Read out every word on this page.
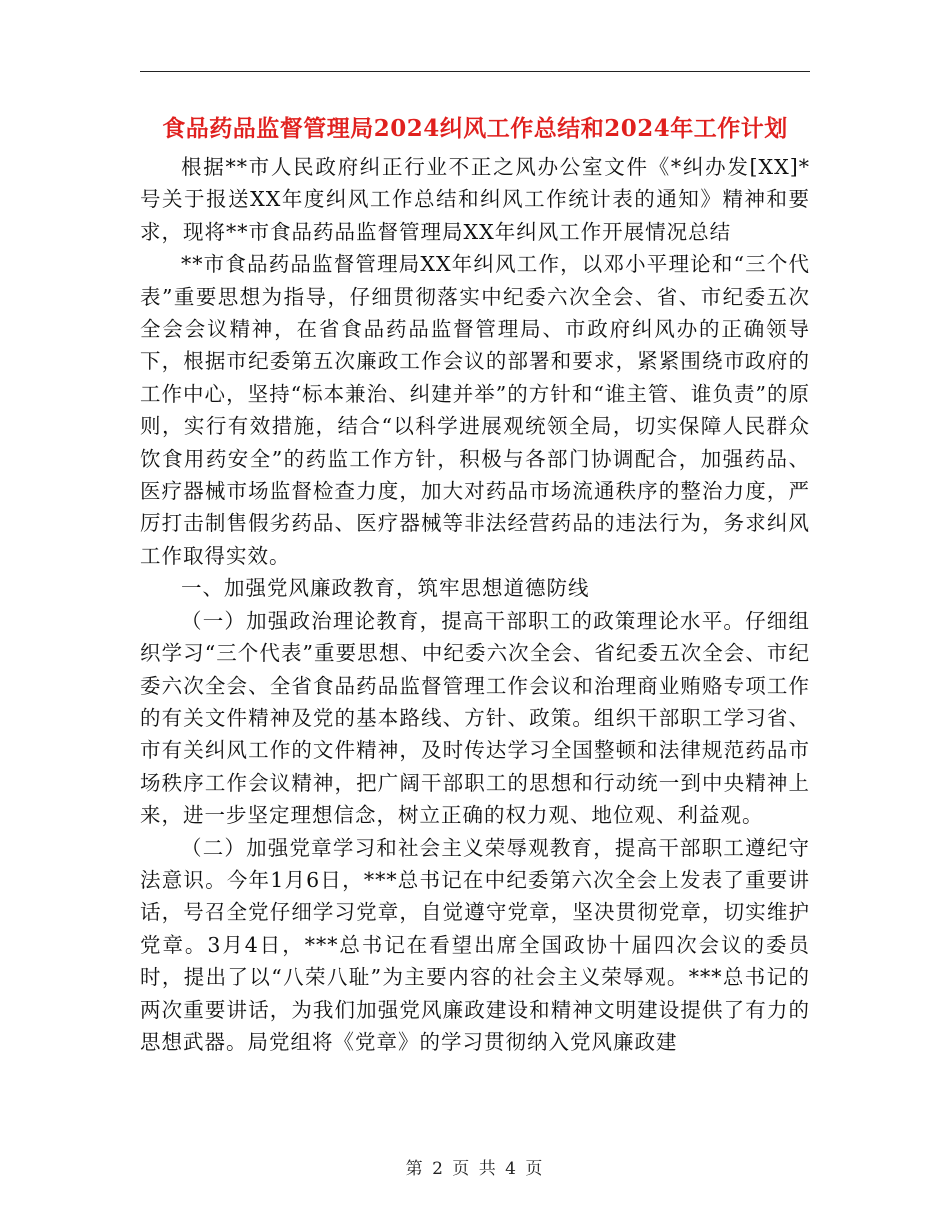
食品药品监督管理局2024纠风工作总结和2024年工作计划

根据**市人民政府纠正行业不正之风办公室文件《*纠办发[XX]*号关于报送XX年度纠风工作总结和纠风工作统计表的通知》精神和要求，现将**市食品药品监督管理局XX年纠风工作开展情况总结

**市食品药品监督管理局XX年纠风工作，以邓小平理论和“三个代表”重要思想为指导，仔细贯彻落实中纪委六次全会、省、市纪委五次全会会议精神，在省食品药品监督管理局、市政府纠风办的正确领导下，根据市纪委第五次廉政工作会议的部署和要求，紧紧围绕市政府的工作中心，坚持“标本兼治、纠建并举”的方针和“谁主管、谁负责”的原则，实行有效措施，结合“以科学进展观统领全局，切实保障人民群众饮食用药安全”的药监工作方针，积极与各部门协调配合，加强药品、医疗器械市场监督检查力度，加大对药品市场流通秩序的整治力度，严厉打击制售假劣药品、医疗器械等非法经营药品的违法行为，务求纠风工作取得实效。

一、加强党风廉政教育，筑牢思想道德防线

（一）加强政治理论教育，提高干部职工的政策理论水平。仔细组织学习“三个代表”重要思想、中纪委六次全会、省纪委五次全会、市纪委六次全会、全省食品药品监督管理工作会议和治理商业贿赂专项工作的有关文件精神及党的基本路线、方针、政策。组织干部职工学习省、市有关纠风工作的文件精神，及时传达学习全国整顿和法律规范药品市场秩序工作会议精神，把广阔干部职工的思想和行动统一到中央精神上来，进一步坚定理想信念，树立正确的权力观、地位观、利益观。

（二）加强党章学习和社会主义荣辱观教育，提高干部职工遵纪守法意识。今年1月6日，***总书记在中纪委第六次全会上发表了重要讲话，号召全党仔细学习党章，自觉遵守党章，坚决贯彻党章，切实维护党章。3月4日，***总书记在看望出席全国政协十届四次会议的委员时，提出了以“八荣八耻”为主要内容的社会主义荣辱观。***总书记的两次重要讲话，为我们加强党风廉政建设和精神文明建设提供了有力的思想武器。局党组将《党章》的学习贯彻纳入党风廉政建

第 2 页 共 4 页
